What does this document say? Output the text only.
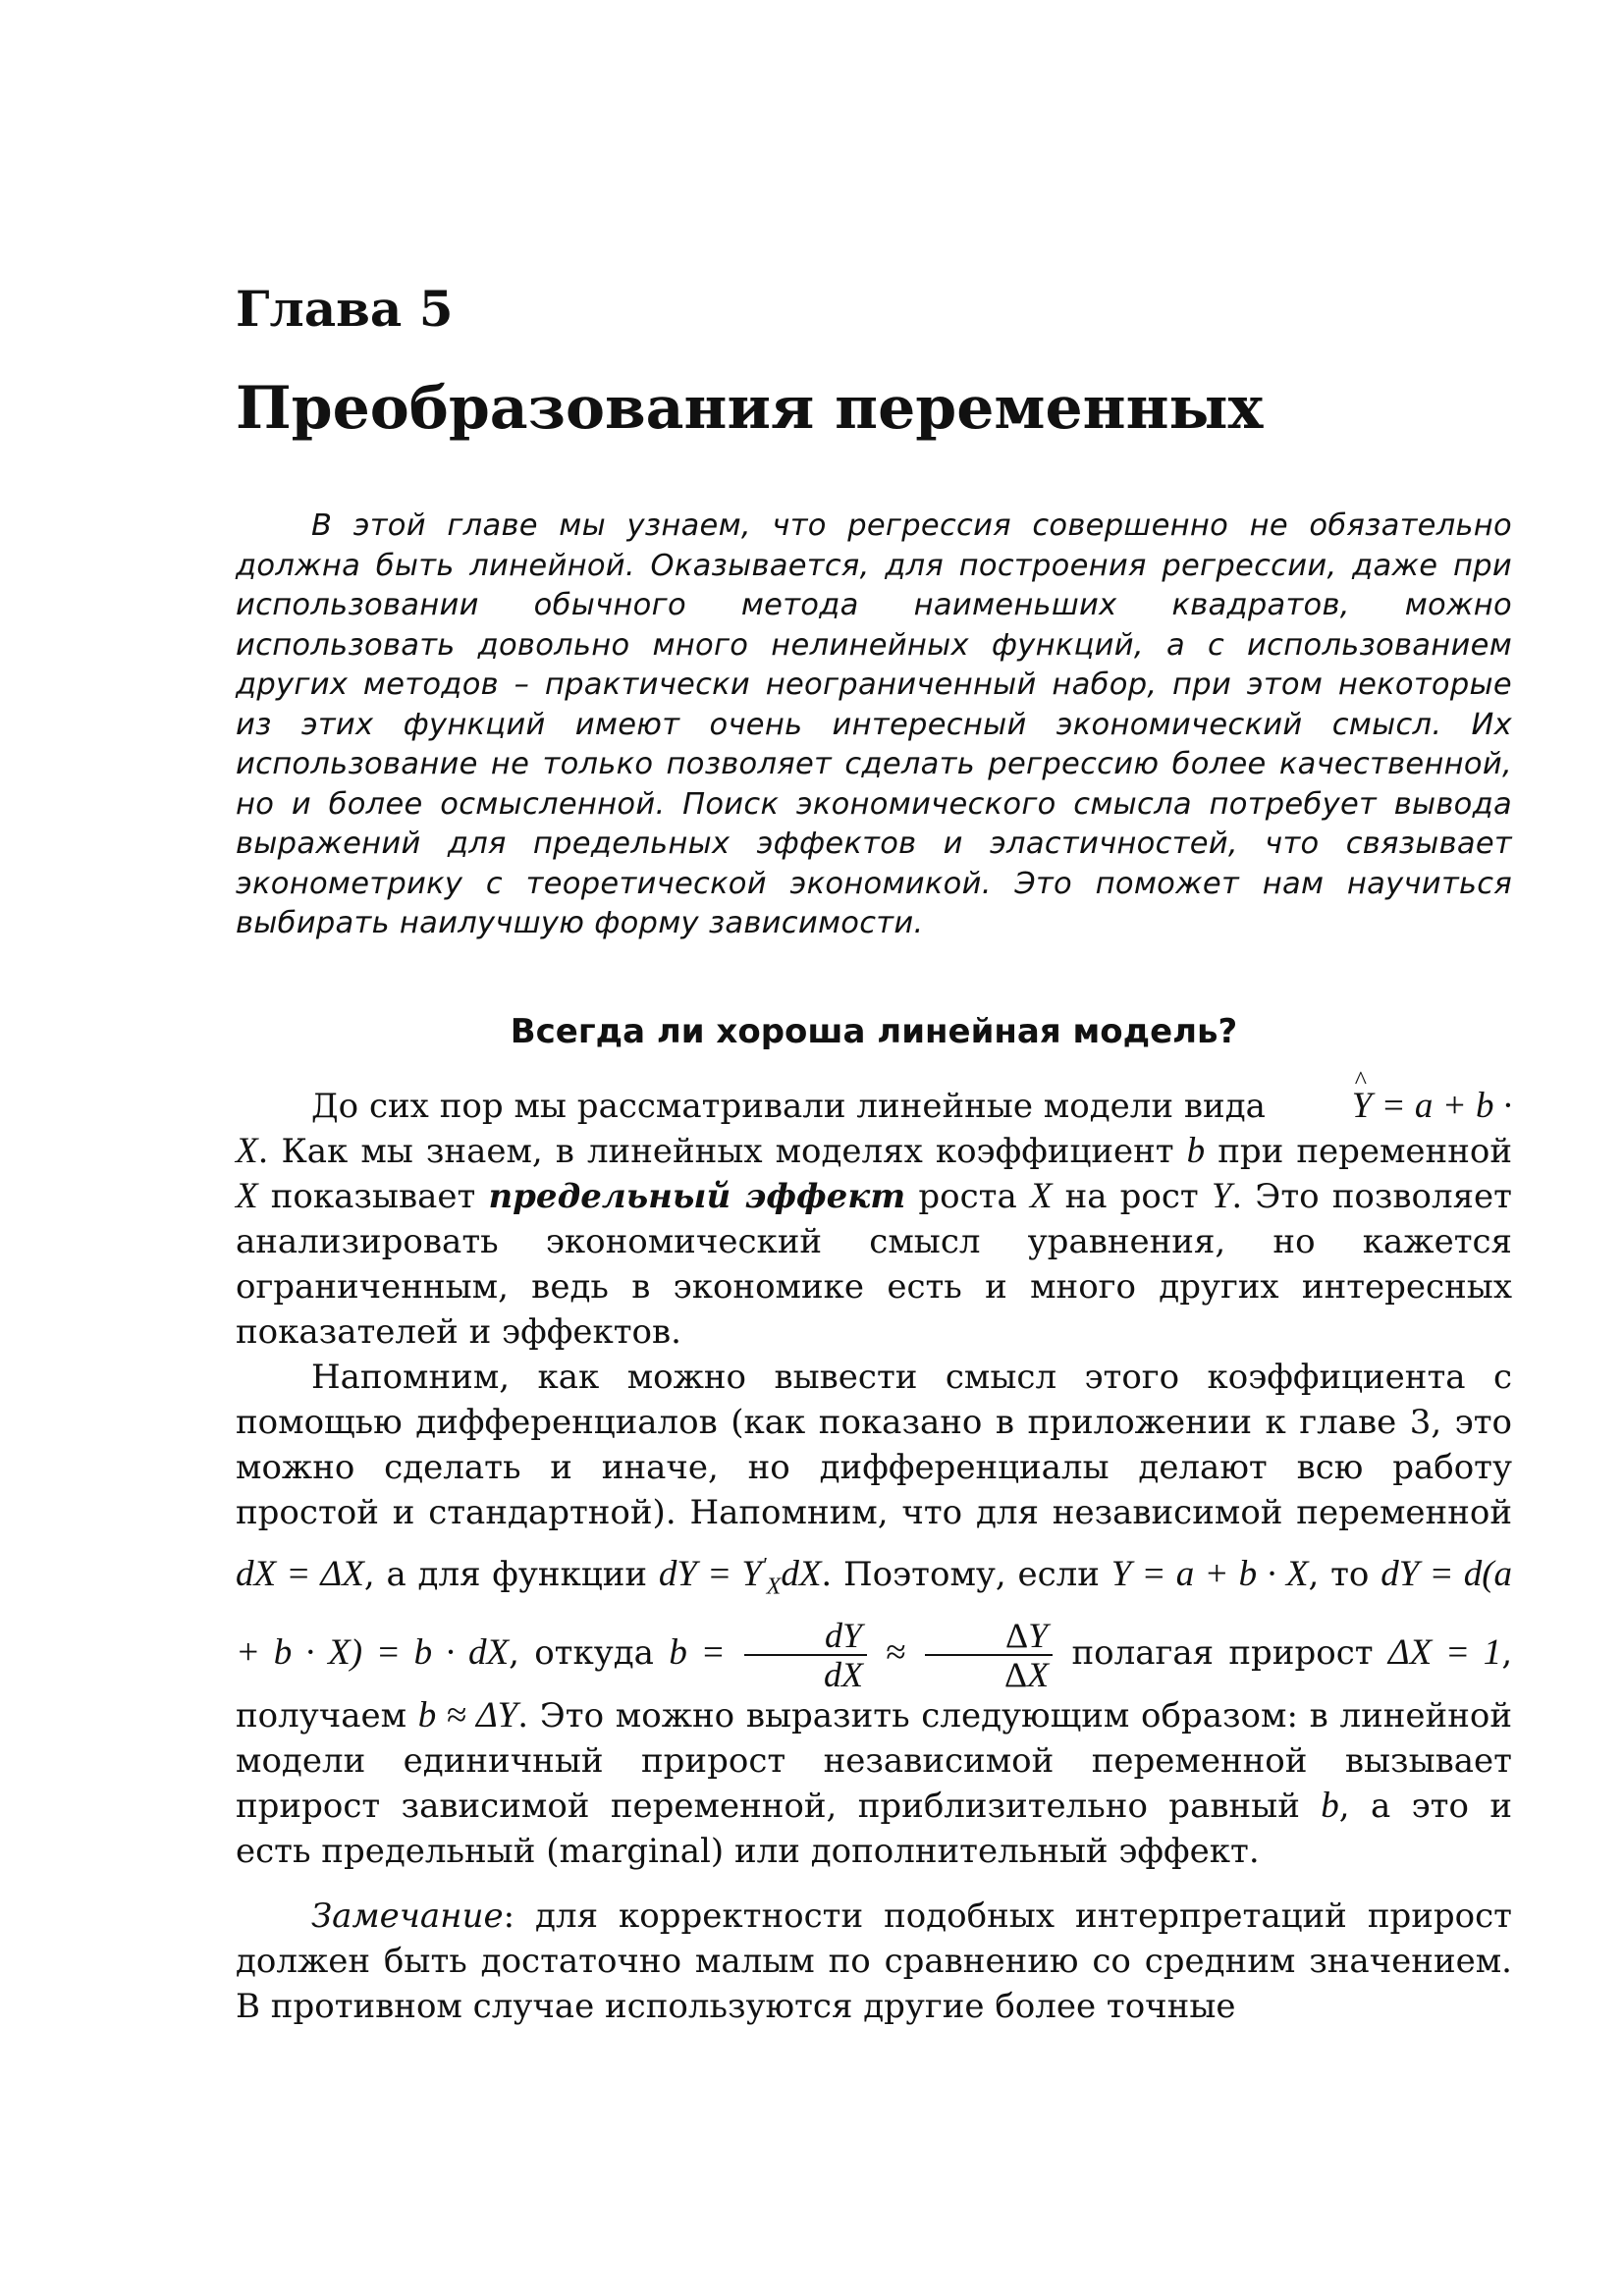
Глава 5
Преобразования переменных

В этой главе мы узнаем, что регрессия совершенно не обязательно должна быть линейной. Оказывается, для построения регрессии, даже при использовании обычного метода наименьших квадратов, можно использовать довольно много нелинейных функций, а с использованием других методов – практически неограниченный набор, при этом некоторые из этих функций имеют очень интересный экономический смысл. Их использование не только позволяет сделать регрессию более качественной, но и более осмысленной. Поиск экономического смысла потребует вывода выражений для предельных эффектов и эластичностей, что связывает эконометрику с теоретической экономикой. Это поможет нам научиться выбирать наилучшую форму зависимости.

Всегда ли хороша линейная модель?

До сих пор мы рассматривали линейные модели вида ^ Y = a + b · X. Как мы знаем, в линейных моделях коэффициент b при переменной X показывает предельный эффект роста X на рост Y. Это позволяет анализировать экономический смысл уравнения, но кажется ограниченным, ведь в экономике есть и много других интересных показателей и эффектов.

Напомним, как можно вывести смысл этого коэффициента с помощью дифференциалов (как показано в приложении к главе 3, это можно сделать и иначе, но дифференциалы делают всю работу простой и стандартной). Напомним, что для независимой переменной dX = ΔX, а для функции dY = $Y'_XdX$. Поэтому, если Y = a + b · X, то dY = d(a + b · X) = b · dX, откуда $b = \frac{dY}{dX} \approx \frac{\Delta Y}{\Delta X}$ полагая прирост ΔX = 1, получаем b ≈ ΔY. Это можно выразить следующим образом: в линейной модели единичный прирост независимой переменной вызывает прирост зависимой переменной, приблизительно равный b, а это и есть предельный (marginal) или дополнительный эффект.

Замечание: для корректности подобных интерпретаций прирост должен быть достаточно малым по сравнению со средним значением. В противном случае используются другие более точные
